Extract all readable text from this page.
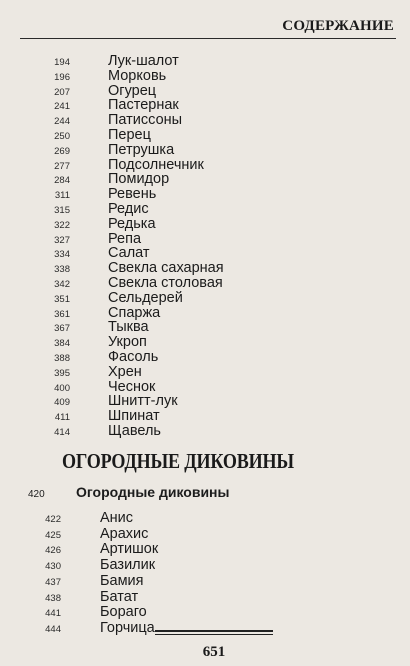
СОДЕРЖАНИЕ
194	Лук-шалот
196	Морковь
207	Огурец
241	Пастернак
244	Патиссоны
250	Перец
269	Петрушка
277	Подсолнечник
284	Помидор
311	Ревень
315	Редис
322	Редька
327	Репа
334	Салат
338	Свекла сахарная
342	Свекла столовая
351	Сельдерей
361	Спаржа
367	Тыква
384	Укроп
388	Фасоль
395	Хрен
400	Чеснок
409	Шнитт-лук
411	Шпинат
414	Щавель
ОГОРОДНЫЕ ДИКОВИНЫ
420	Огородные диковины
422	Анис
425	Арахис
426	Артишок
430	Базилик
437	Бамия
438	Батат
441	Бораго
444	Горчица
651
